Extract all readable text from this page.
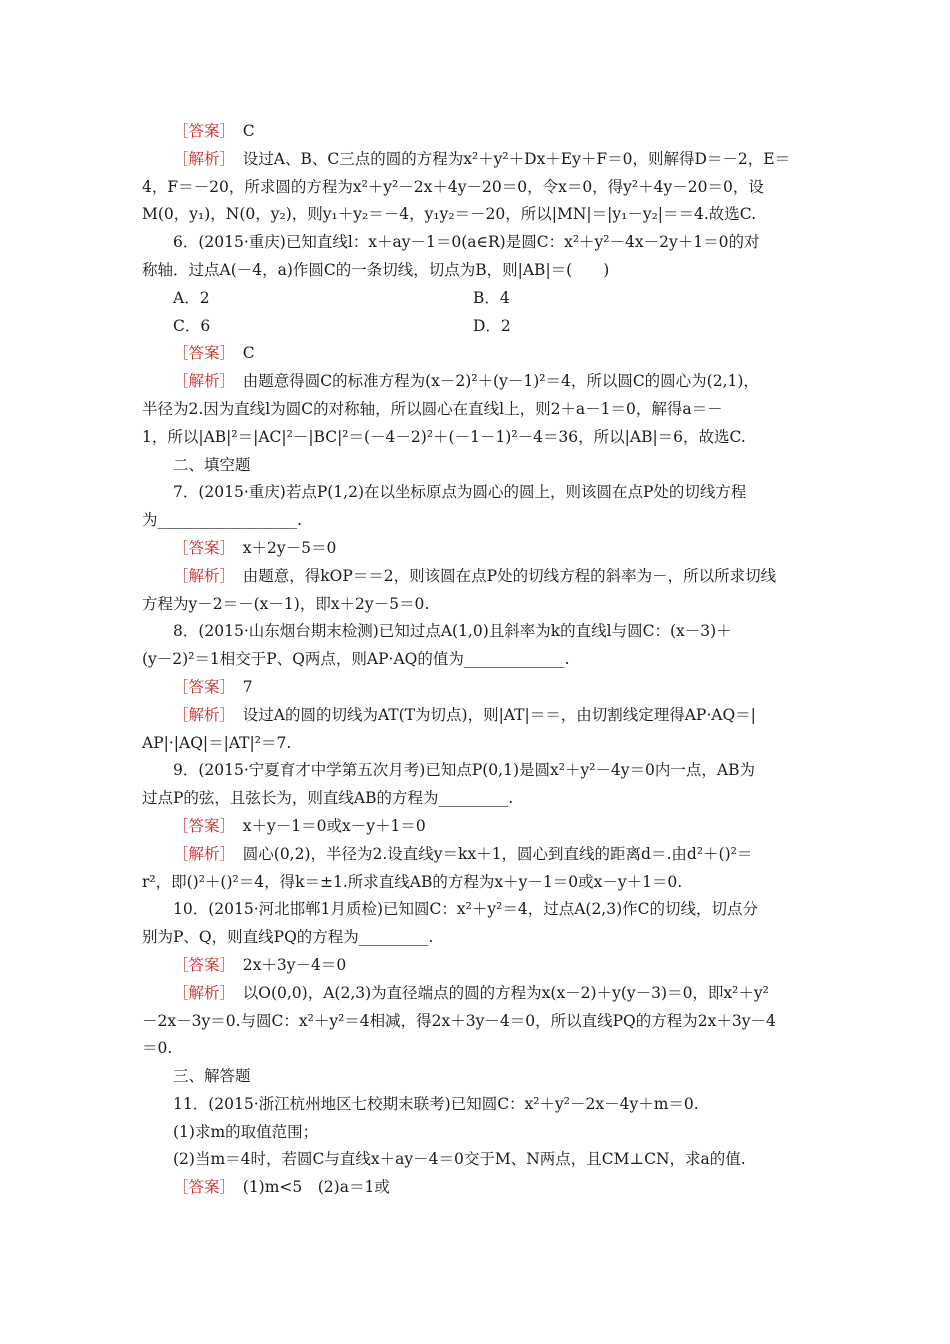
［答案］　C
［解析］　设过A、B、C三点的圆的方程为x²＋y²＋Dx＋Ey＋F＝0，则解得D＝－2，E＝
4，F＝－20，所求圆的方程为x²＋y²－2x＋4y－20＝0，令x＝0，得y²＋4y－20＝0，设
M(0，y₁)，N(0，y₂)，则y₁＋y₂＝－4，y₁y₂＝－20，所以|MN|＝|y₁－y₂|＝＝4.故选C.
6．(2015·重庆)已知直线l：x＋ay－1＝0(a∈R)是圆C：x²＋y²－4x－2y＋1＝0的对
称轴．过点A(－4，a)作圆C的一条切线，切点为B，则|AB|＝(　　)
A．2	B．4
C．6	D．2
［答案］　C
［解析］　由题意得圆C的标准方程为(x－2)²＋(y－1)²＝4，所以圆C的圆心为(2,1)，
半径为2.因为直线l为圆C的对称轴，所以圆心在直线l上，则2＋a－1＝0，解得a＝－
1，所以|AB|²＝|AC|²－|BC|²＝(－4－2)²＋(－1－1)²－4＝36，所以|AB|＝6，故选C.
二、填空题
7．(2015·重庆)若点P(1,2)在以坐标原点为圆心的圆上，则该圆在点P处的切线方程
为__________________.
［答案］　x＋2y－5＝0
［解析］　由题意，得kOP＝＝2，则该圆在点P处的切线方程的斜率为－，所以所求切线
方程为y－2＝－(x－1)，即x＋2y－5＝0.
8．(2015·山东烟台期末检测)已知过点A(1,0)且斜率为k的直线l与圆C：(x－3)＋
(y－2)²＝1相交于P、Q两点，则AP·AQ的值为_____________.
［答案］　7
［解析］　设过A的圆的切线为AT(T为切点)，则|AT|＝＝，由切割线定理得AP·AQ＝|
AP|·|AQ|＝|AT|²＝7.
9．(2015·宁夏育才中学第五次月考)已知点P(0,1)是圆x²＋y²－4y＝0内一点，AB为
过点P的弦，且弦长为，则直线AB的方程为_________.
［答案］　x＋y－1＝0或x－y＋1＝0
［解析］　圆心(0,2)，半径为2.设直线y＝kx＋1，圆心到直线的距离d＝.由d²＋()²＝
r²，即()²＋()²＝4，得k＝±1.所求直线AB的方程为x＋y－1＝0或x－y＋1＝0.
10．(2015·河北邯郸1月质检)已知圆C：x²＋y²＝4，过点A(2,3)作C的切线，切点分
别为P、Q，则直线PQ的方程为_________.
［答案］　2x＋3y－4＝0
［解析］　以O(0,0)，A(2,3)为直径端点的圆的方程为x(x－2)＋y(y－3)＝0，即x²＋y²
－2x－3y＝0.与圆C：x²＋y²＝4相减，得2x＋3y－4＝0，所以直线PQ的方程为2x＋3y－4
＝0.
三、解答题
11．(2015·浙江杭州地区七校期末联考)已知圆C：x²＋y²－2x－4y＋m＝0.
(1)求m的取值范围；
(2)当m＝4时，若圆C与直线x＋ay－4＝0交于M、N两点，且CM⊥CN，求a的值.
［答案］　(1)m<5　(2)a＝1或
